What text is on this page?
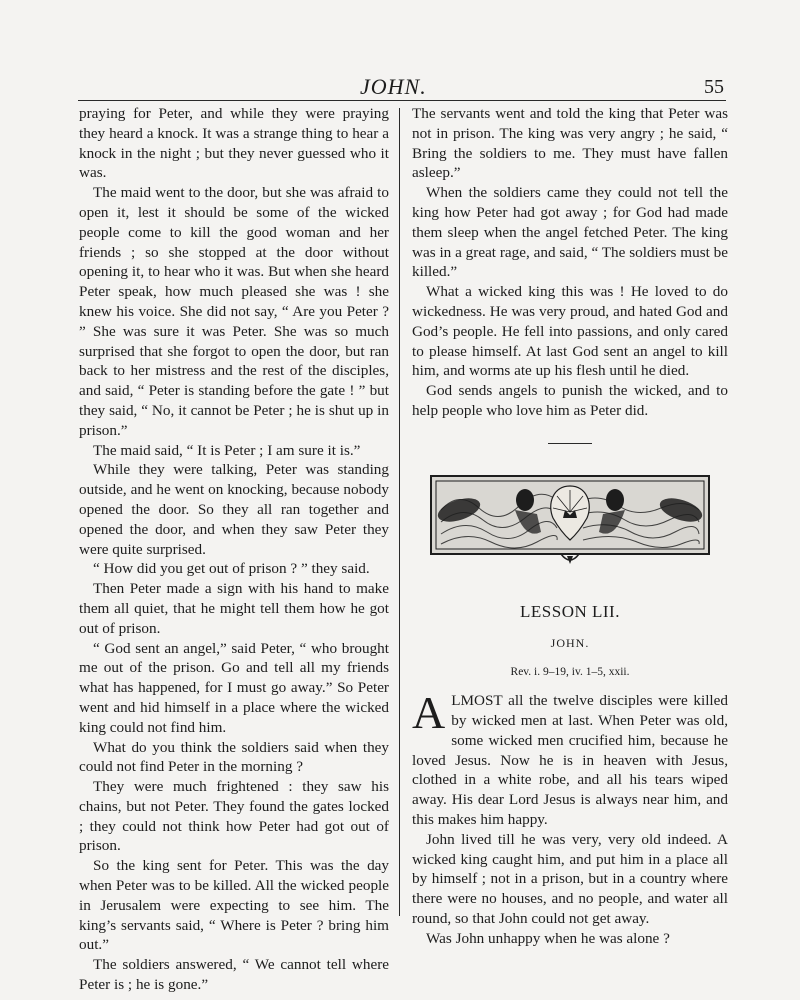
JOHN.	55

praying for Peter, and while they were praying they heard a knock. It was a strange thing to hear a knock in the night ; but they never guessed who it was.

The maid went to the door, but she was afraid to open it, lest it should be some of the wicked people come to kill the good woman and her friends ; so she stopped at the door without opening it, to hear who it was. But when she heard Peter speak, how much pleased she was ! she knew his voice. She did not say, “ Are you Peter ? ” She was sure it was Peter. She was so much surprised that she forgot to open the door, but ran back to her mistress and the rest of the disciples, and said, “ Peter is standing before the gate ! ” but they said, “ No, it cannot be Peter ; he is shut up in prison.”

The maid said, “ It is Peter ; I am sure it is.”

While they were talking, Peter was standing outside, and he went on knocking, because nobody opened the door. So they all ran together and opened the door, and when they saw Peter they were quite surprised.

“ How did you get out of prison ? ” they said.

Then Peter made a sign with his hand to make them all quiet, that he might tell them how he got out of prison.

“ God sent an angel,” said Peter, “ who brought me out of the prison. Go and tell all my friends what has happened, for I must go away.” So Peter went and hid himself in a place where the wicked king could not find him.

What do you think the soldiers said when they could not find Peter in the morning ?

They were much frightened : they saw his chains, but not Peter. They found the gates locked ; they could not think how Peter had got out of prison.

So the king sent for Peter. This was the day when Peter was to be killed. All the wicked people in Jerusalem were expecting to see him. The king’s servants said, “ Where is Peter ? bring him out.”

The soldiers answered, “ We cannot tell where Peter is ; he is gone.”

The servants went and told the king that Peter was not in prison. The king was very angry ; he said, “ Bring the soldiers to me. They must have fallen asleep.”

When the soldiers came they could not tell the king how Peter had got away ; for God had made them sleep when the angel fetched Peter. The king was in a great rage, and said, “ The soldiers must be killed.”

What a wicked king this was ! He loved to do wickedness. He was very proud, and hated God and God’s people. He fell into passions, and only cared to please himself. At last God sent an angel to kill him, and worms ate up his flesh until he died.

God sends angels to punish the wicked, and to help people who love him as Peter did.

LESSON LII.
JOHN.
Rev. i. 9–19, iv. 1–5, xxii.

ALMOST all the twelve disciples were killed by wicked men at last. When Peter was old, some wicked men crucified him, because he loved Jesus. Now he is in heaven with Jesus, clothed in a white robe, and all his tears wiped away. His dear Lord Jesus is always near him, and this makes him happy.

John lived till he was very, very old indeed. A wicked king caught him, and put him in a place all by himself ; not in a prison, but in a country where there were no houses, and no people, and water all round, so that John could not get away.

Was John unhappy when he was alone ?
